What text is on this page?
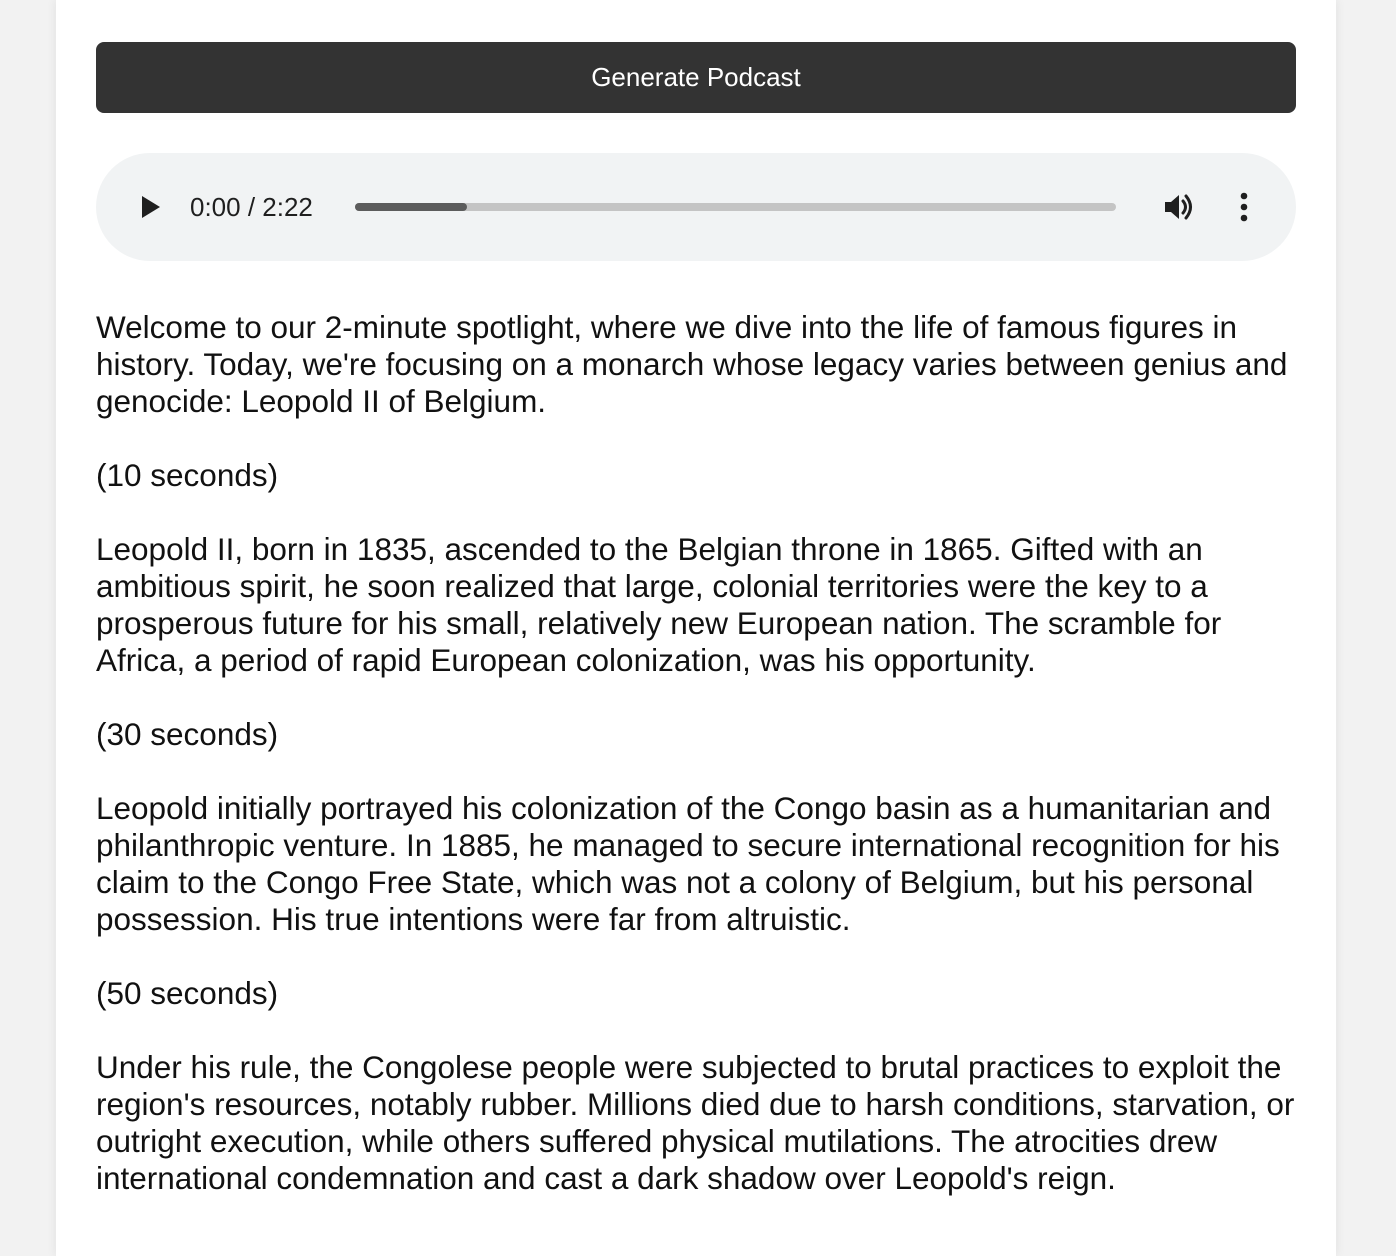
Generate Podcast
0:00 / 2:22

Welcome to our 2-minute spotlight, where we dive into the life of famous figures in history. Today, we're focusing on a monarch whose legacy varies between genius and genocide: Leopold II of Belgium.

(10 seconds)

Leopold II, born in 1835, ascended to the Belgian throne in 1865. Gifted with an ambitious spirit, he soon realized that large, colonial territories were the key to a prosperous future for his small, relatively new European nation. The scramble for Africa, a period of rapid European colonization, was his opportunity.

(30 seconds)

Leopold initially portrayed his colonization of the Congo basin as a humanitarian and philanthropic venture. In 1885, he managed to secure international recognition for his claim to the Congo Free State, which was not a colony of Belgium, but his personal possession. His true intentions were far from altruistic.

(50 seconds)

Under his rule, the Congolese people were subjected to brutal practices to exploit the region's resources, notably rubber. Millions died due to harsh conditions, starvation, or outright execution, while others suffered physical mutilations. The atrocities drew international condemnation and cast a dark shadow over Leopold's reign.
